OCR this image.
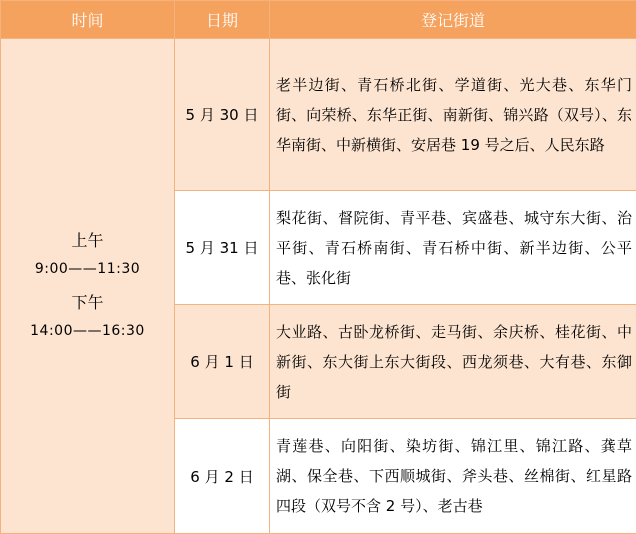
时间	日期	登记街道

上午
9:00——11:30
下午
14:00——16:30	5 月 30 日	老半边街、青石桥北街、学道街、光大巷、东华门街、向荣桥、东华正街、南新街、锦兴路（双号）、东华南街、中新横街、安居巷 19 号之后、人民东路
	5 月 31 日	梨花街、督院街、青平巷、宾盛巷、城守东大街、治平街、青石桥南街、青石桥中街、新半边街、公平巷、张化街
	6 月 1 日	大业路、古卧龙桥街、走马街、余庆桥、桂花街、中新街、东大街上东大街段、西龙须巷、大有巷、东御街
	6 月 2 日	青莲巷、向阳街、染坊街、锦江里、锦江路、龚草湖、保全巷、下西顺城街、斧头巷、丝棉街、红星路四段（双号不含 2 号）、老古巷
